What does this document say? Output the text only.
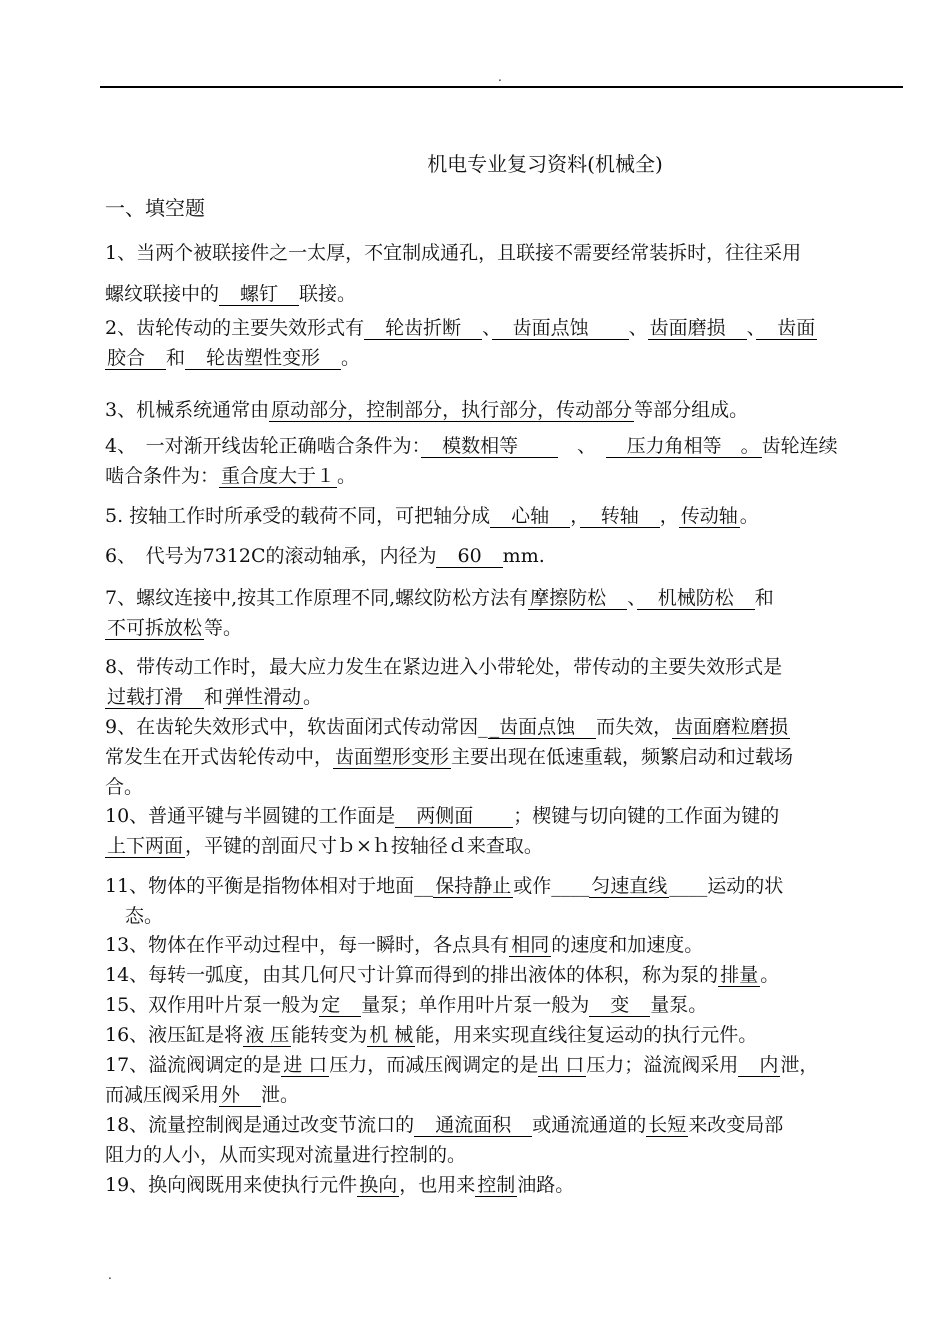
.
机电专业复习资料(机械全)
一、填空题
1、当两个被联接件之一太厚，不宜制成通孔，且联接不需要经常装拆时，往往采用
螺纹联接中的　螺钉　联接。
2、齿轮传动的主要失效形式有　轮齿折断　、　齿面点蚀　　、 齿面磨损　、　齿面
胶合　和　轮齿塑性变形　。
3、机械系统通常由 原动部分，控制部分，执行部分，传动部分 等部分组成。
4、　一对渐开线齿轮正确啮合条件为：　模数相等　　　、　　压力角相等　。 齿轮连续
啮合条件为： 重合度大于１ 。
5. 按轴工作时所承受的载荷不同，可把轴分成　心轴　，　转轴　， 传动轴 。
6、　代号为7312C的滚动轴承，内径为　60　mm.
7、螺纹连接中,按其工作原理不同,螺纹防松方法有 摩擦防松　、　机械防松　和
不可拆放松 等。
8、带传动工作时，最大应力发生在紧边进入小带轮处，带传动的主要失效形式是
过载打滑　和 弹性滑动 。
9、在齿轮失效形式中，软齿面闭式传动常因_ _齿面点蚀　而失效， 齿面磨粒磨损
常发生在开式齿轮传动中， 齿面塑形变形 主要出现在低速重载，频繁启动和过载场
合。
10、普通平键与半圆键的工作面是　两侧面　　；楔键与切向键的工作面为键的
上下两面 ，平键的剖面尺寸ｂ×ｈ按轴径ｄ来查取。
11、物体的平衡是指物体相对于地面__ 保持静止 或作____ 匀速直线 ____运动的状
态。
13、物体在作平动过程中，每一瞬时，各点具有 相同 的速度和加速度。
14、每转一弧度，由其几何尺寸计算而得到的排出液体的体积，称为泵的 排量 。
15、双作用叶片泵一般为 定　量泵；单作用叶片泵一般为　变　量泵。
16、液压缸是将 液 压 能转变为 机 械 能，用来实现直线往复运动的执行元件。
17、溢流阀调定的是 进 口 压力，而减压阀调定的是 出 口 压力；溢流阀采用　内 泄，
而减压阀采用 外　泄。
18、流量控制阀是通过改变节流口的　通流面积　或通流通道的 长短 来改变局部
阻力的人小，从而实现对流量进行控制的。
19、换向阀既用来使执行元件 换向 ，也用来 控制 油路。
.
